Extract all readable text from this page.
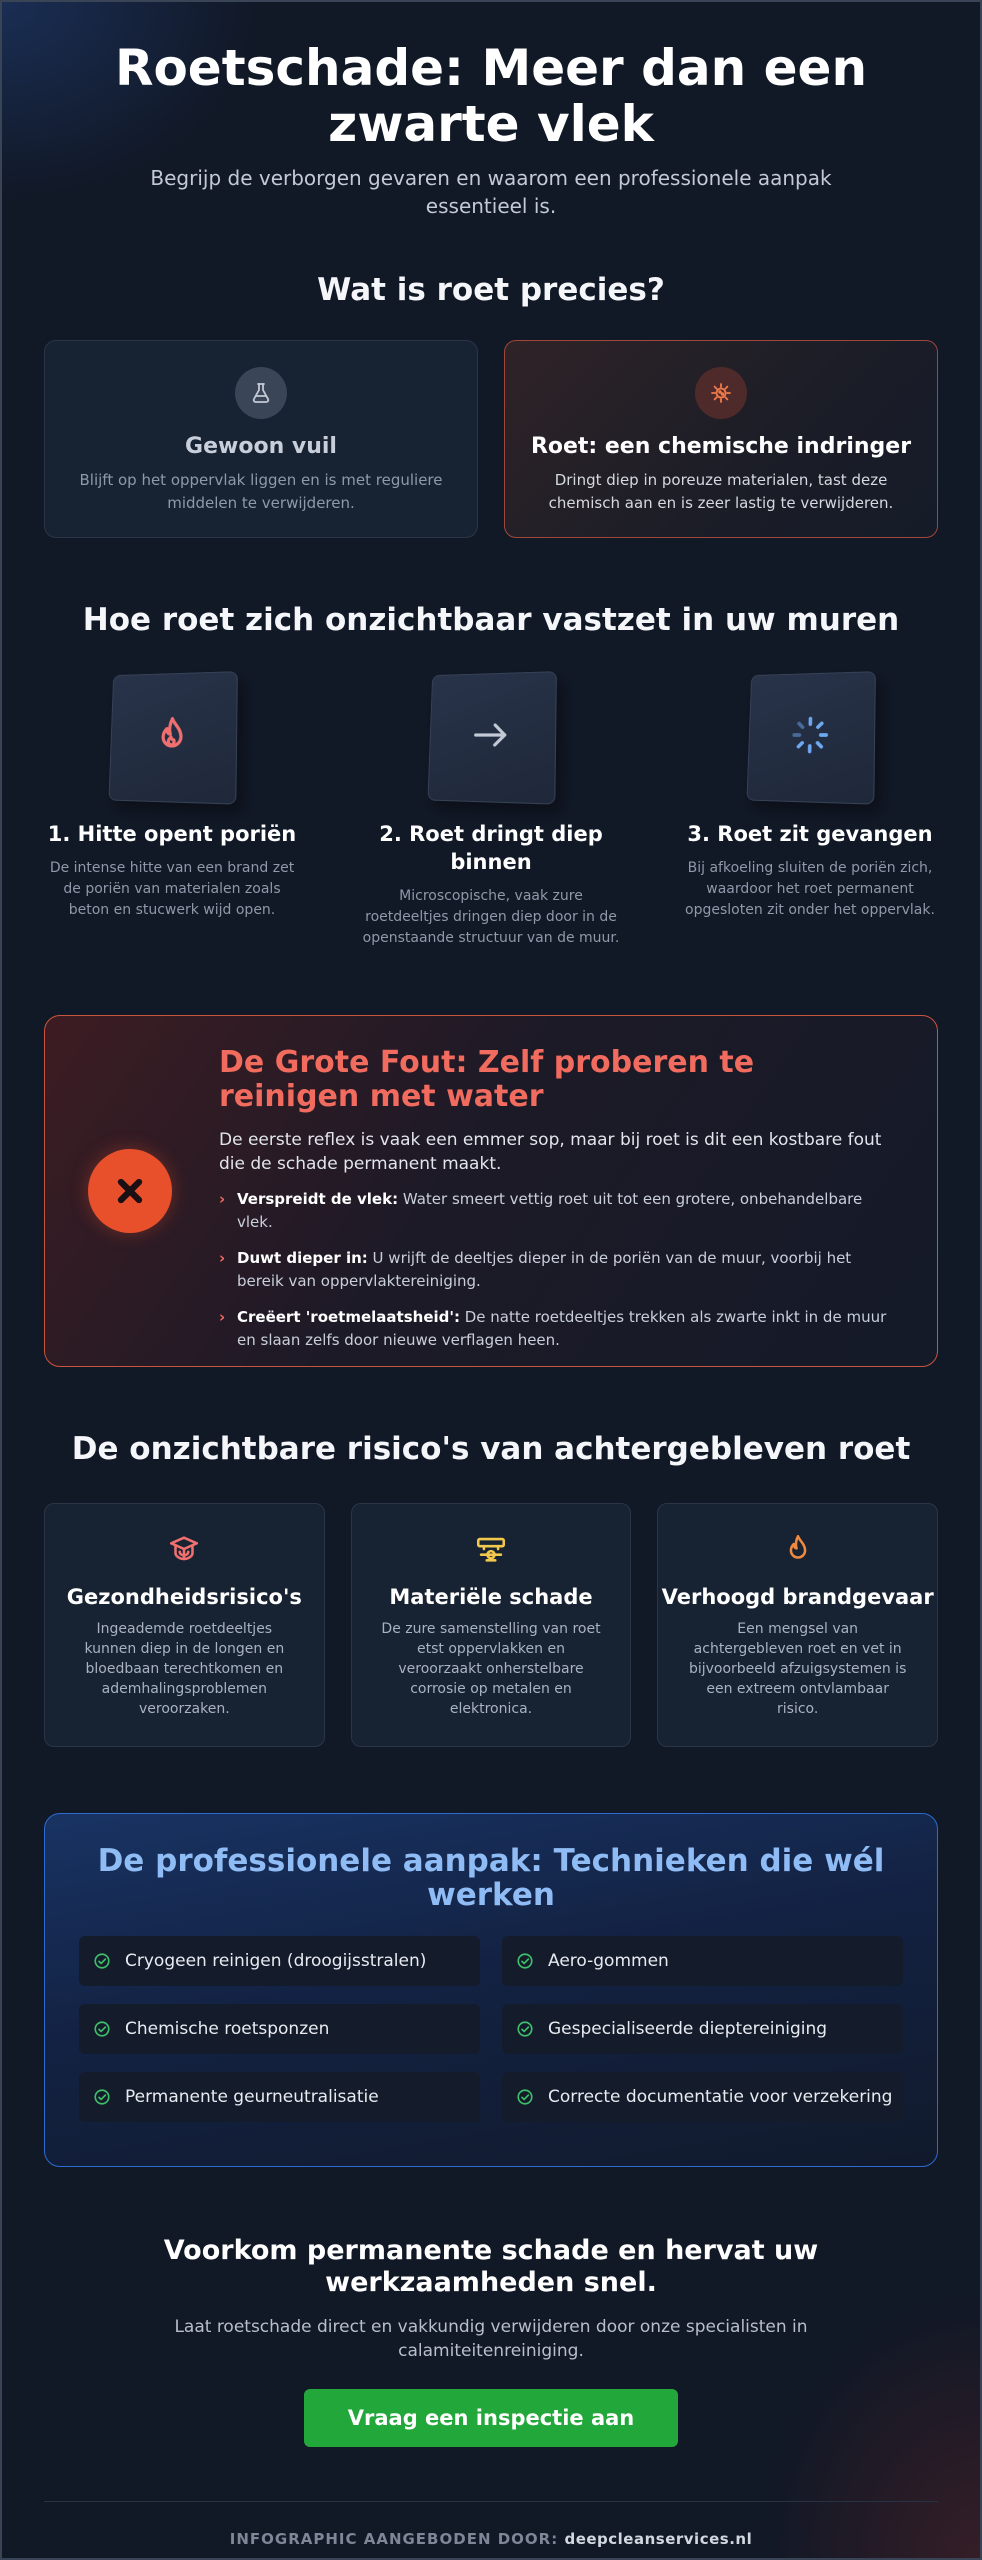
Roetschade: Meer dan een zwarte vlek

Begrijp de verborgen gevaren en waarom een professionele aanpak essentieel is.

Wat is roet precies?
Gewoon vuil

Blijft op het oppervlak liggen en is met reguliere middelen te verwijderen.

Roet: een chemische indringer

Dringt diep in poreuze materialen, tast deze chemisch aan en is zeer lastig te verwijderen.

Hoe roet zich onzichtbaar vastzet in uw muren
1. Hitte opent poriën

De intense hitte van een brand zet de poriën van materialen zoals beton en stucwerk wijd open.

2. Roet dringt diep binnen

Microscopische, vaak zure roetdeeltjes dringen diep door in de openstaande structuur van de muur.

3. Roet zit gevangen

Bij afkoeling sluiten de poriën zich, waardoor het roet permanent opgesloten zit onder het oppervlak.

De Grote Fout: Zelf proberen te reinigen met water

De eerste reflex is vaak een emmer sop, maar bij roet is dit een kostbare fout die de schade permanent maakt.

› Verspreidt de vlek: Water smeert vettig roet uit tot een grotere, onbehandelbare vlek.
› Duwt dieper in: U wrijft de deeltjes dieper in de poriën van de muur, voorbij het bereik van oppervlaktereiniging.
› Creëert 'roetmelaatsheid': De natte roetdeeltjes trekken als zwarte inkt in de muur en slaan zelfs door nieuwe verflagen heen.
De onzichtbare risico's van achtergebleven roet
Gezondheidsrisico's

Ingeademde roetdeeltjes kunnen diep in de longen en bloedbaan terechtkomen en ademhalingsproblemen veroorzaken.

Materiële schade

De zure samenstelling van roet etst oppervlakken en veroorzaakt onherstelbare corrosie op metalen en elektronica.

Verhoogd brandgevaar

Een mengsel van achtergebleven roet en vet in bijvoorbeeld afzuigsystemen is een extreem ontvlambaar risico.

De professionele aanpak: Technieken die wél werken
Cryogeen reinigen (droogijsstralen)	Aero-gommen
Chemische roetsponzen	Gespecialiseerde dieptereiniging
Permanente geurneutralisatie	Correcte documentatie voor verzekering
Voorkom permanente schade en hervat uw werkzaamheden snel.

Laat roetschade direct en vakkundig verwijderen door onze specialisten in calamiteitenreiniging.

Vraag een inspectie aan
INFOGRAPHIC AANGEBODEN DOOR: deepcleanservices.nl
